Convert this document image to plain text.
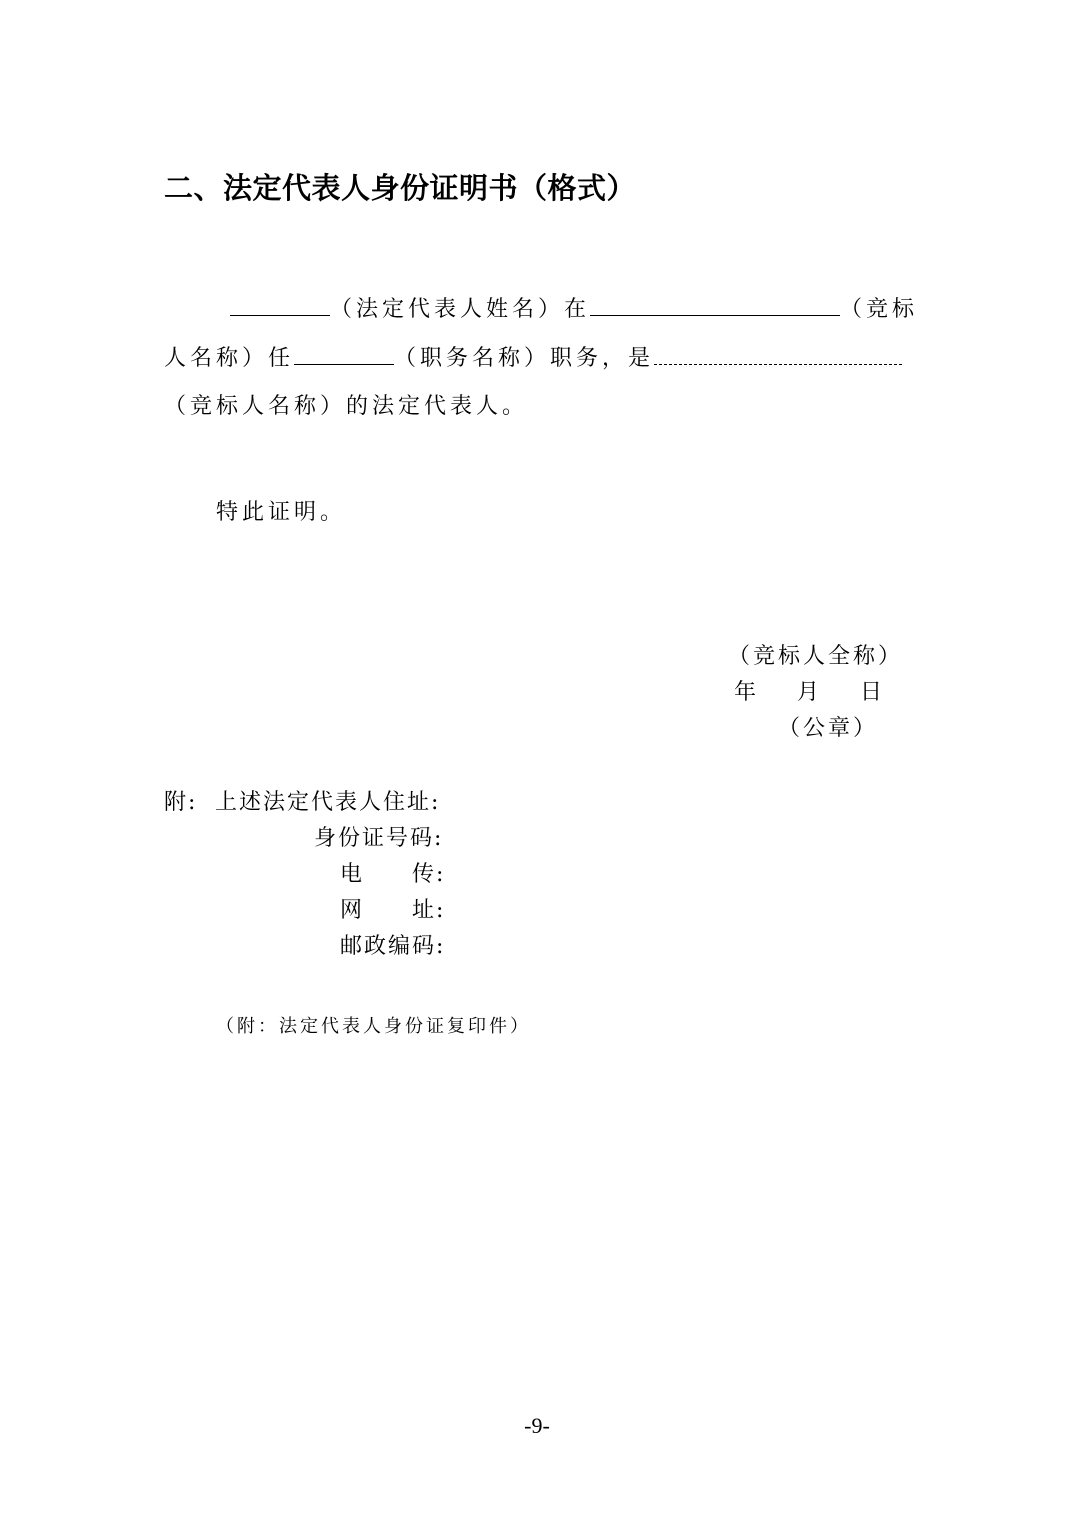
二、法定代表人身份证明书（格式）
（法定代表人姓名）在	（竞标
人名称）任	（职务名称）职务，是
（竞标人名称）的法定代表人。
特此证明。
（竞标人全称）
年 月 日
（公章）
附: 上述法定代表人住址:
身份证号码:
电　　传:
网　　址:
邮政编码:
（附：法定代表人身份证复印件）
-9-
